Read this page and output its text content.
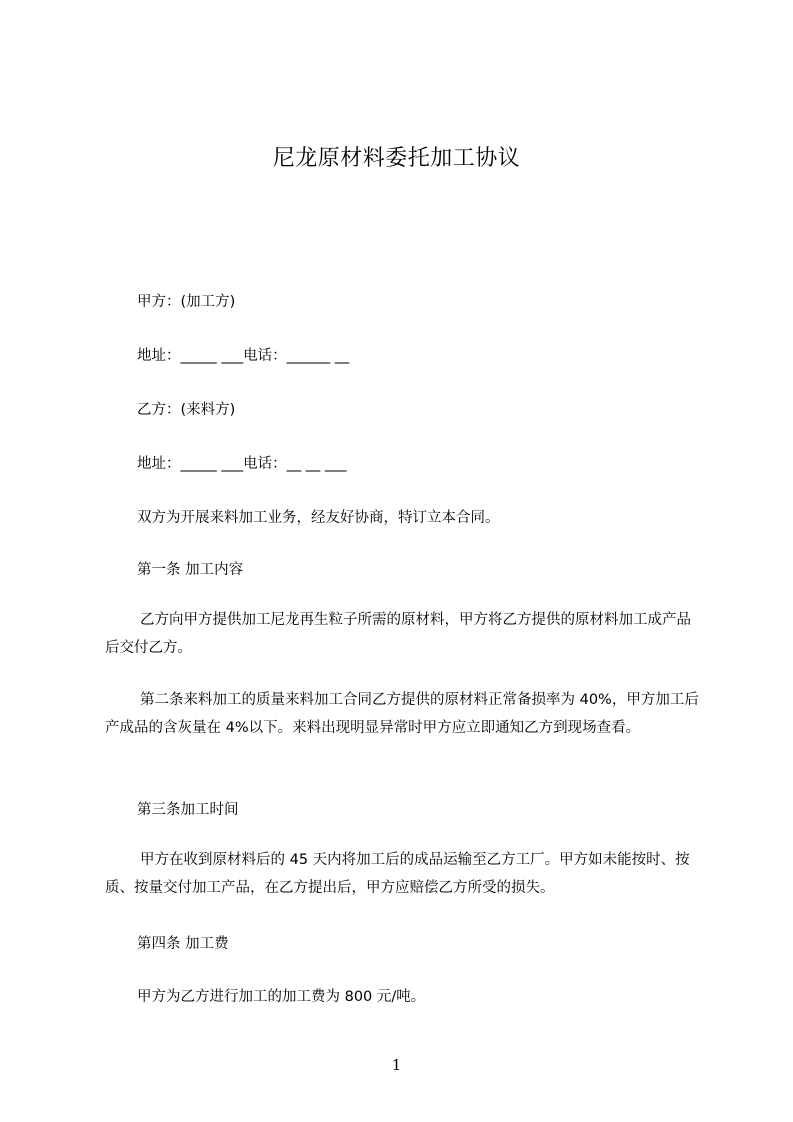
尼龙原材料委托加工协议
甲方：(加工方)
地址：_____ ___电话：______ __
乙方：(来料方)
地址：_____ ___电话：__ __ ___
双方为开展来料加工业务，经友好协商，特订立本合同。
第一条 加工内容
乙方向甲方提供加工尼龙再生粒子所需的原材料，甲方将乙方提供的原材料加工成产品后交付乙方。
第二条来料加工的质量来料加工合同乙方提供的原材料正常备损率为 40%，甲方加工后产成品的含灰量在 4%以下。来料出现明显异常时甲方应立即通知乙方到现场查看。
第三条加工时间
甲方在收到原材料后的 45 天内将加工后的成品运输至乙方工厂。甲方如未能按时、按质、按量交付加工产品，在乙方提出后，甲方应赔偿乙方所受的损失。
第四条 加工费
甲方为乙方进行加工的加工费为 800 元/吨。
1
